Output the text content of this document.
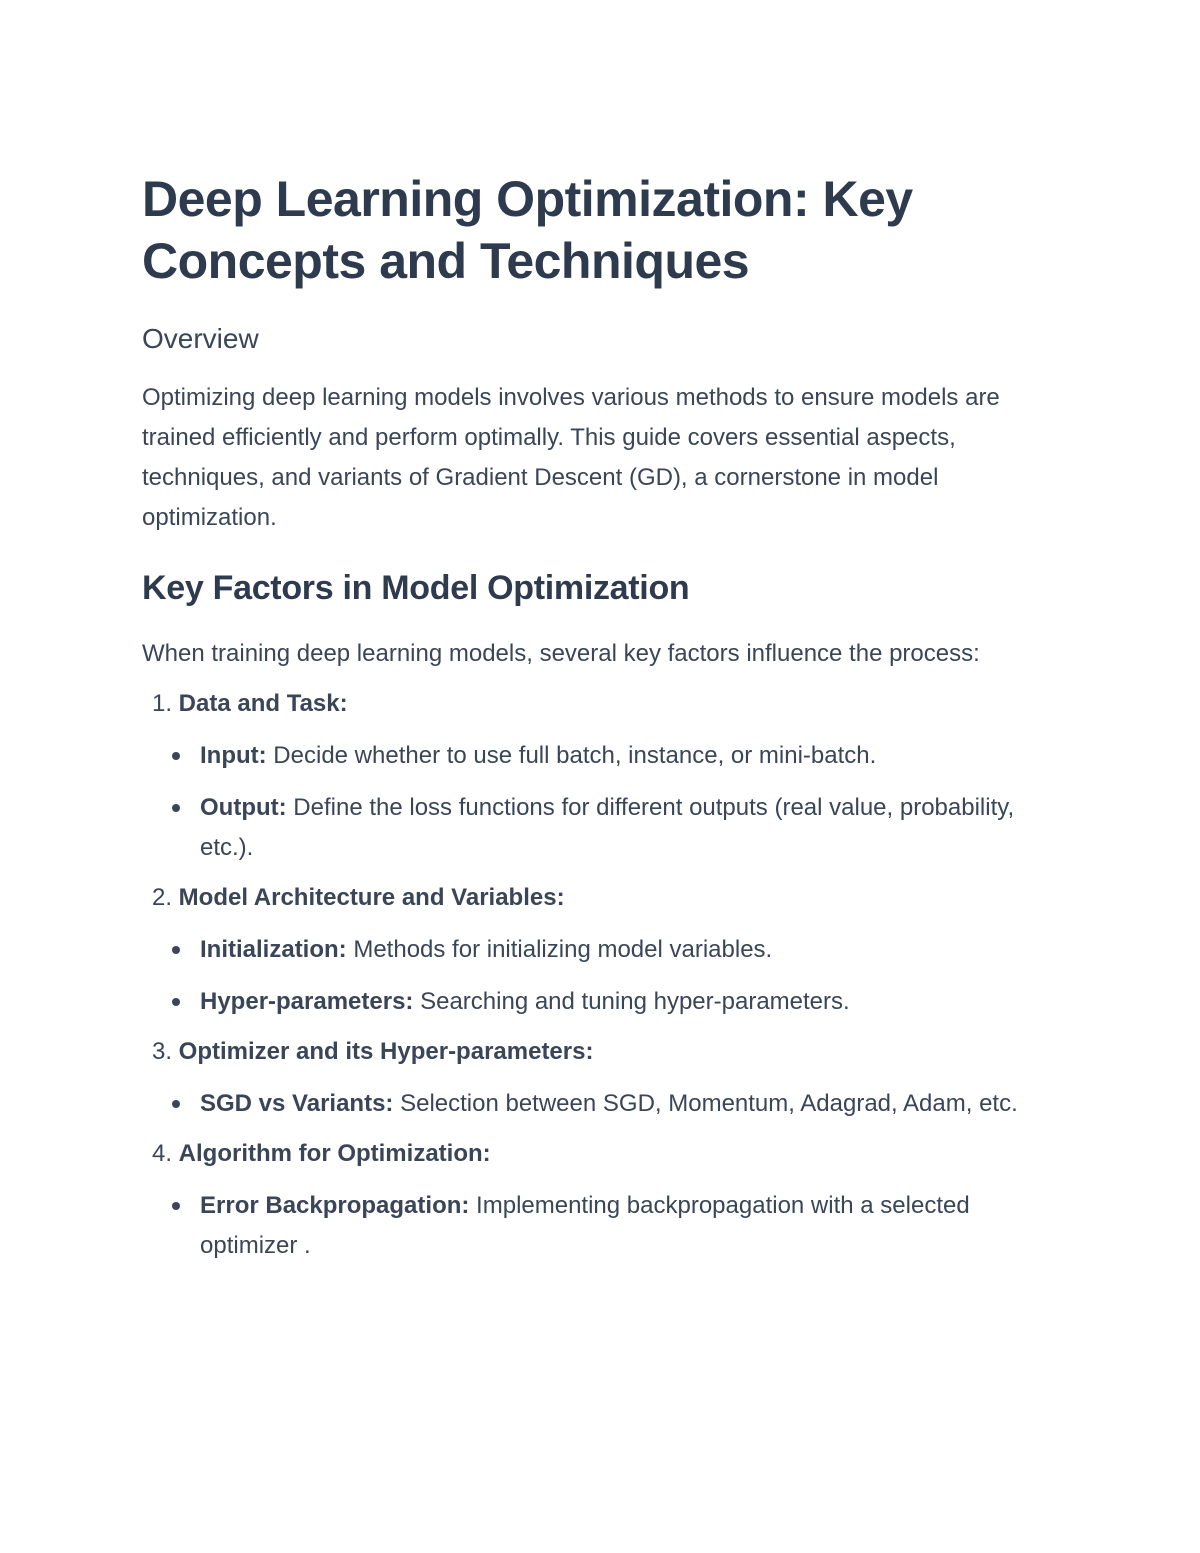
Deep Learning Optimization: Key Concepts and Techniques
Overview

Optimizing deep learning models involves various methods to ensure models are trained efficiently and perform optimally. This guide covers essential aspects, techniques, and variants of Gradient Descent (GD), a cornerstone in model optimization.

Key Factors in Model Optimization

When training deep learning models, several key factors influence the process:

1. Data and Task:
Input: Decide whether to use full batch, instance, or mini-batch.
Output: Define the loss functions for different outputs (real value, probability, etc.).
2. Model Architecture and Variables:
Initialization: Methods for initializing model variables.
Hyper-parameters: Searching and tuning hyper-parameters.
3. Optimizer and its Hyper-parameters:
SGD vs Variants: Selection between SGD, Momentum, Adagrad, Adam, etc.
4. Algorithm for Optimization:
Error Backpropagation: Implementing backpropagation with a selected optimizer .
